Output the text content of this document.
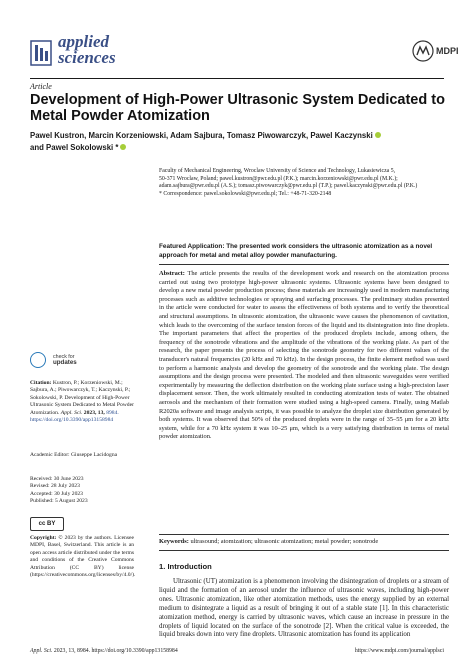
applied
sciences	MDPI
Article
Development of High-Power Ultrasonic System Dedicated to Metal Powder Atomization
Pawel Kustron, Marcin Korzeniowski, Adam Sajbura, Tomasz Piwowarczyk, Pawel Kaczynski
and Pawel Sokolowski *
Faculty of Mechanical Engineering, Wroclaw University of Science and Technology, Lukasiewicza 5,
50-371 Wroclaw, Poland; pawel.kustron@pwr.edu.pl (P.K.); marcin.korzeniowski@pwr.edu.pl (M.K.);
adam.sajbura@pwr.edu.pl (A.S.); tomasz.piwowarczyk@pwr.edu.pl (T.P.); pawel.kaczynski@pwr.edu.pl (P.K.)
* Correspondence: pawel.sokolowski@pwr.edu.pl; Tel.: +48-71-320-2148
Featured Application: The presented work considers the ultrasonic atomization as a novel approach for metal and metal alloy powder manufacturing.
Abstract: The article presents the results of the development work and research on the atomization process carried out using two prototype high-power ultrasonic systems. Ultrasonic systems have been designed to develop a new metal powder production process; these materials are increasingly used in modern manufacturing processes such as additive technologies or spraying and surfacing processes. The preliminary studies presented in the article were conducted for water to assess the effectiveness of both systems and to verify the theoretical and structural assumptions. In ultrasonic atomization, the ultrasonic wave causes the phenomenon of cavitation, which leads to the overcoming of the surface tension forces of the liquid and its disintegration into fine droplets. The important parameters that affect the properties of the produced droplets include, among others, the frequency of the sonotrode vibrations and the amplitude of the vibrations of the working plate. As part of the research, the paper presents the process of selecting the sonotrode geometry for two different values of the transducer's natural frequencies (20 kHz and 70 kHz). In the design process, the finite element method was used to perform a harmonic analysis and develop the geometry of the sonotrode and the working plate. The design assumptions and the design process were presented. The modeled and then ultrasonic waveguides were verified experimentally by measuring the deflection distribution on the working plate surface using a high-precision laser displacement sensor. Then, the work ultimately resulted in conducting atomization tests of water. The obtained aerosols and the mechanism of their formation were studied using a high-speed camera. Finally, using Matlab R2020a software and image analysis scripts, it was possible to analyze the droplet size distribution generated by both systems. It was observed that 50% of the produced droplets were in the range of 35–55 μm for a 20 kHz system, while for a 70 kHz system it was 10–25 μm, which is a very satisfying distribution in terms of metal powder atomization.
Keywords: ultrasound; atomization; ultrasonic atomization; metal powder; sonotrode
1. Introduction
Ultrasonic (UT) atomization is a phenomenon involving the disintegration of droplets or a stream of liquid and the formation of an aerosol under the influence of ultrasonic waves, including high-power ones. Ultrasonic atomization, like other atomization methods, uses the energy supplied by an external medium to disintegrate a liquid as a result of bringing it out of a stable state [1]. In this characteristic atomization method, energy is carried by ultrasonic waves, which cause an increase in pressure in the droplets of liquid located on the surface of the sonotrode [2]. When the critical value is exceeded, the liquid breaks down into very fine droplets. Ultrasonic atomization has found its application
check for
updates
Citation: Kustron, P.; Korzeniowski, M.; Sajbura, A.; Piwowarczyk, T.; Kaczynski, P.; Sokolowski, P. Development of High-Power Ultrasonic System Dedicated to Metal Powder Atomization. Appl. Sci. 2023, 13, 8984. https://doi.org/10.3390/app13158984
Academic Editor: Giuseppe Lacidogna
Received: 30 June 2023
Revised: 28 July 2023
Accepted: 30 July 2023
Published: 5 August 2023
cc BY
Copyright: © 2023 by the authors. Licensee MDPI, Basel, Switzerland. This article is an open access article distributed under the terms and conditions of the Creative Commons Attribution (CC BY) license (https://creativecommons.org/licenses/by/4.0/).
Appl. Sci. 2023, 13, 8984. https://doi.org/10.3390/app13158984	https://www.mdpi.com/journal/applsci
